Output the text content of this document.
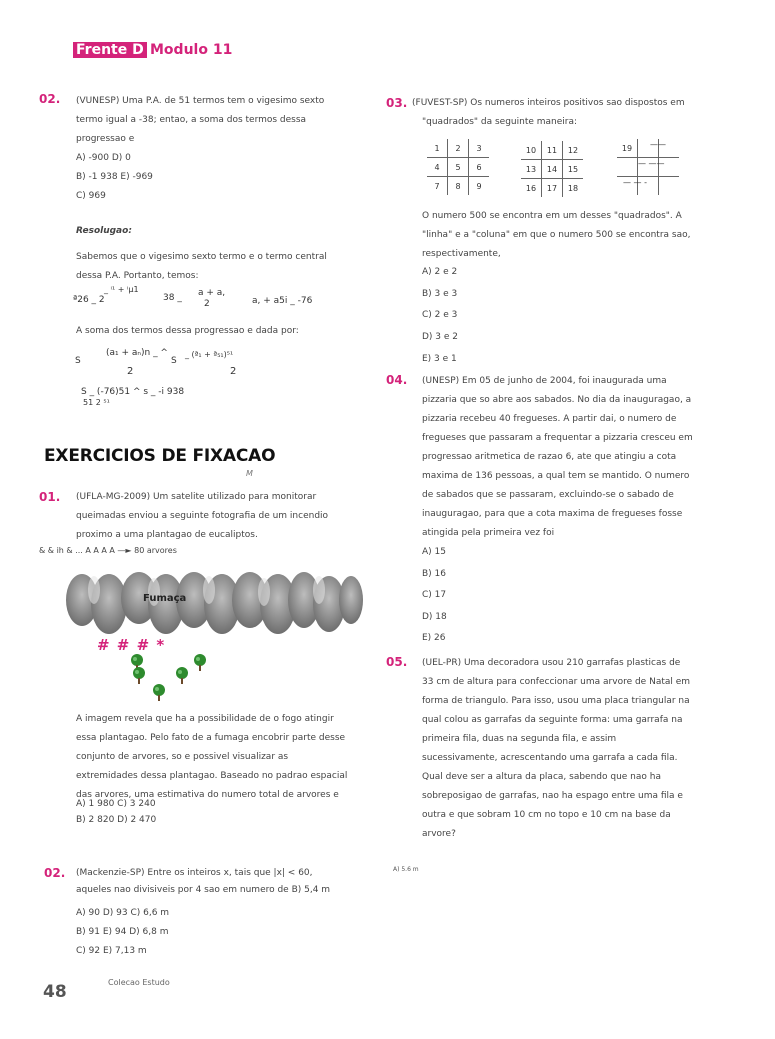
Frente D Modulo 11
02. (VUNESP) Uma P.A. de 51 termos tem o vigesimo sexto
termo igual a -38; entao, a soma dos termos dessa
progressao e
A) -900 D) 0
B) -1 938 E) -969
C) 969
Resolugao:
Sabemos que o vigesimo sexto termo e o termo central
dessa P.A. Portanto, temos:
_ ⁱ¹ + ⁱµ1
ª26 _ 2	38 _ a + a,
2	a, + a5i _ -76
A soma dos termos dessa progressao e dada por:
(a₁ + aₙ)n _ ^ _ (ª₁ + ª₅₁)⁵¹
S	S
2	2
S _ (-76)51 ^ s _ -i 938
51 2 ⁵¹
EXERCICIOS DE FIXACAO
M
01. (UFLA-MG-2009) Um satelite utilizado para monitorar
queimadas enviou a seguinte fotografia de um incendio
proximo a uma plantagao de eucaliptos.
& & ih & ... A A A A —► 80 arvores
Fumaça
# # # *
A imagem revela que ha a possibilidade de o fogo atingir
essa plantagao. Pelo fato de a fumaga encobrir parte desse
conjunto de arvores, so e possivel visualizar as
extremidades dessa plantagao. Baseado no padrao espacial
das arvores, uma estimativa do numero total de arvores e
A) 1 980 C) 3 240
B) 2 820 D) 2 470
02. (Mackenzie-SP) Entre os inteiros x, tais que |x| < 60,	A) 5.6 m
aqueles nao divisiveis por 4 sao em numero de B) 5,4 m
A) 90 D) 93 C) 6,6 m
B) 91 E) 94 D) 6,8 m
C) 92 E) 7,13 m
03. (FUVEST-SP) Os numeros inteiros positivos sao dispostos em
"quadrados" da seguinte maneira:
1	2	3
4	5	6
7	8	9
10	11	12
13	14	15
16	17	18
19		

		——
— ——
— — -
O numero 500 se encontra em um desses "quadrados". A
"linha" e a "coluna" em que o numero 500 se encontra sao,
respectivamente,
A) 2 e 2
B) 3 e 3
C) 2 e 3
D) 3 e 2
E) 3 e 1
04. (UNESP) Em 05 de junho de 2004, foi inaugurada uma
pizzaria que so abre aos sabados. No dia da inauguragao, a
pizzaria recebeu 40 fregueses. A partir dai, o numero de
fregueses que passaram a frequentar a pizzaria cresceu em
progressao aritmetica de razao 6, ate que atingiu a cota
maxima de 136 pessoas, a qual tem se mantido. O numero
de sabados que se passaram, excluindo-se o sabado de
inauguragao, para que a cota maxima de fregueses fosse
atingida pela primeira vez foi
A) 15
B) 16
C) 17
D) 18
E) 26
05. (UEL-PR) Uma decoradora usou 210 garrafas plasticas de
33 cm de altura para confeccionar uma arvore de Natal em
forma de triangulo. Para isso, usou uma placa triangular na
qual colou as garrafas da seguinte forma: uma garrafa na
primeira fila, duas na segunda fila, e assim
sucessivamente, acrescentando uma garrafa a cada fila.
Qual deve ser a altura da placa, sabendo que nao ha
sobreposigao de garrafas, nao ha espago entre uma fila e
outra e que sobram 10 cm no topo e 10 cm na base da
arvore?
48	Colecao Estudo
